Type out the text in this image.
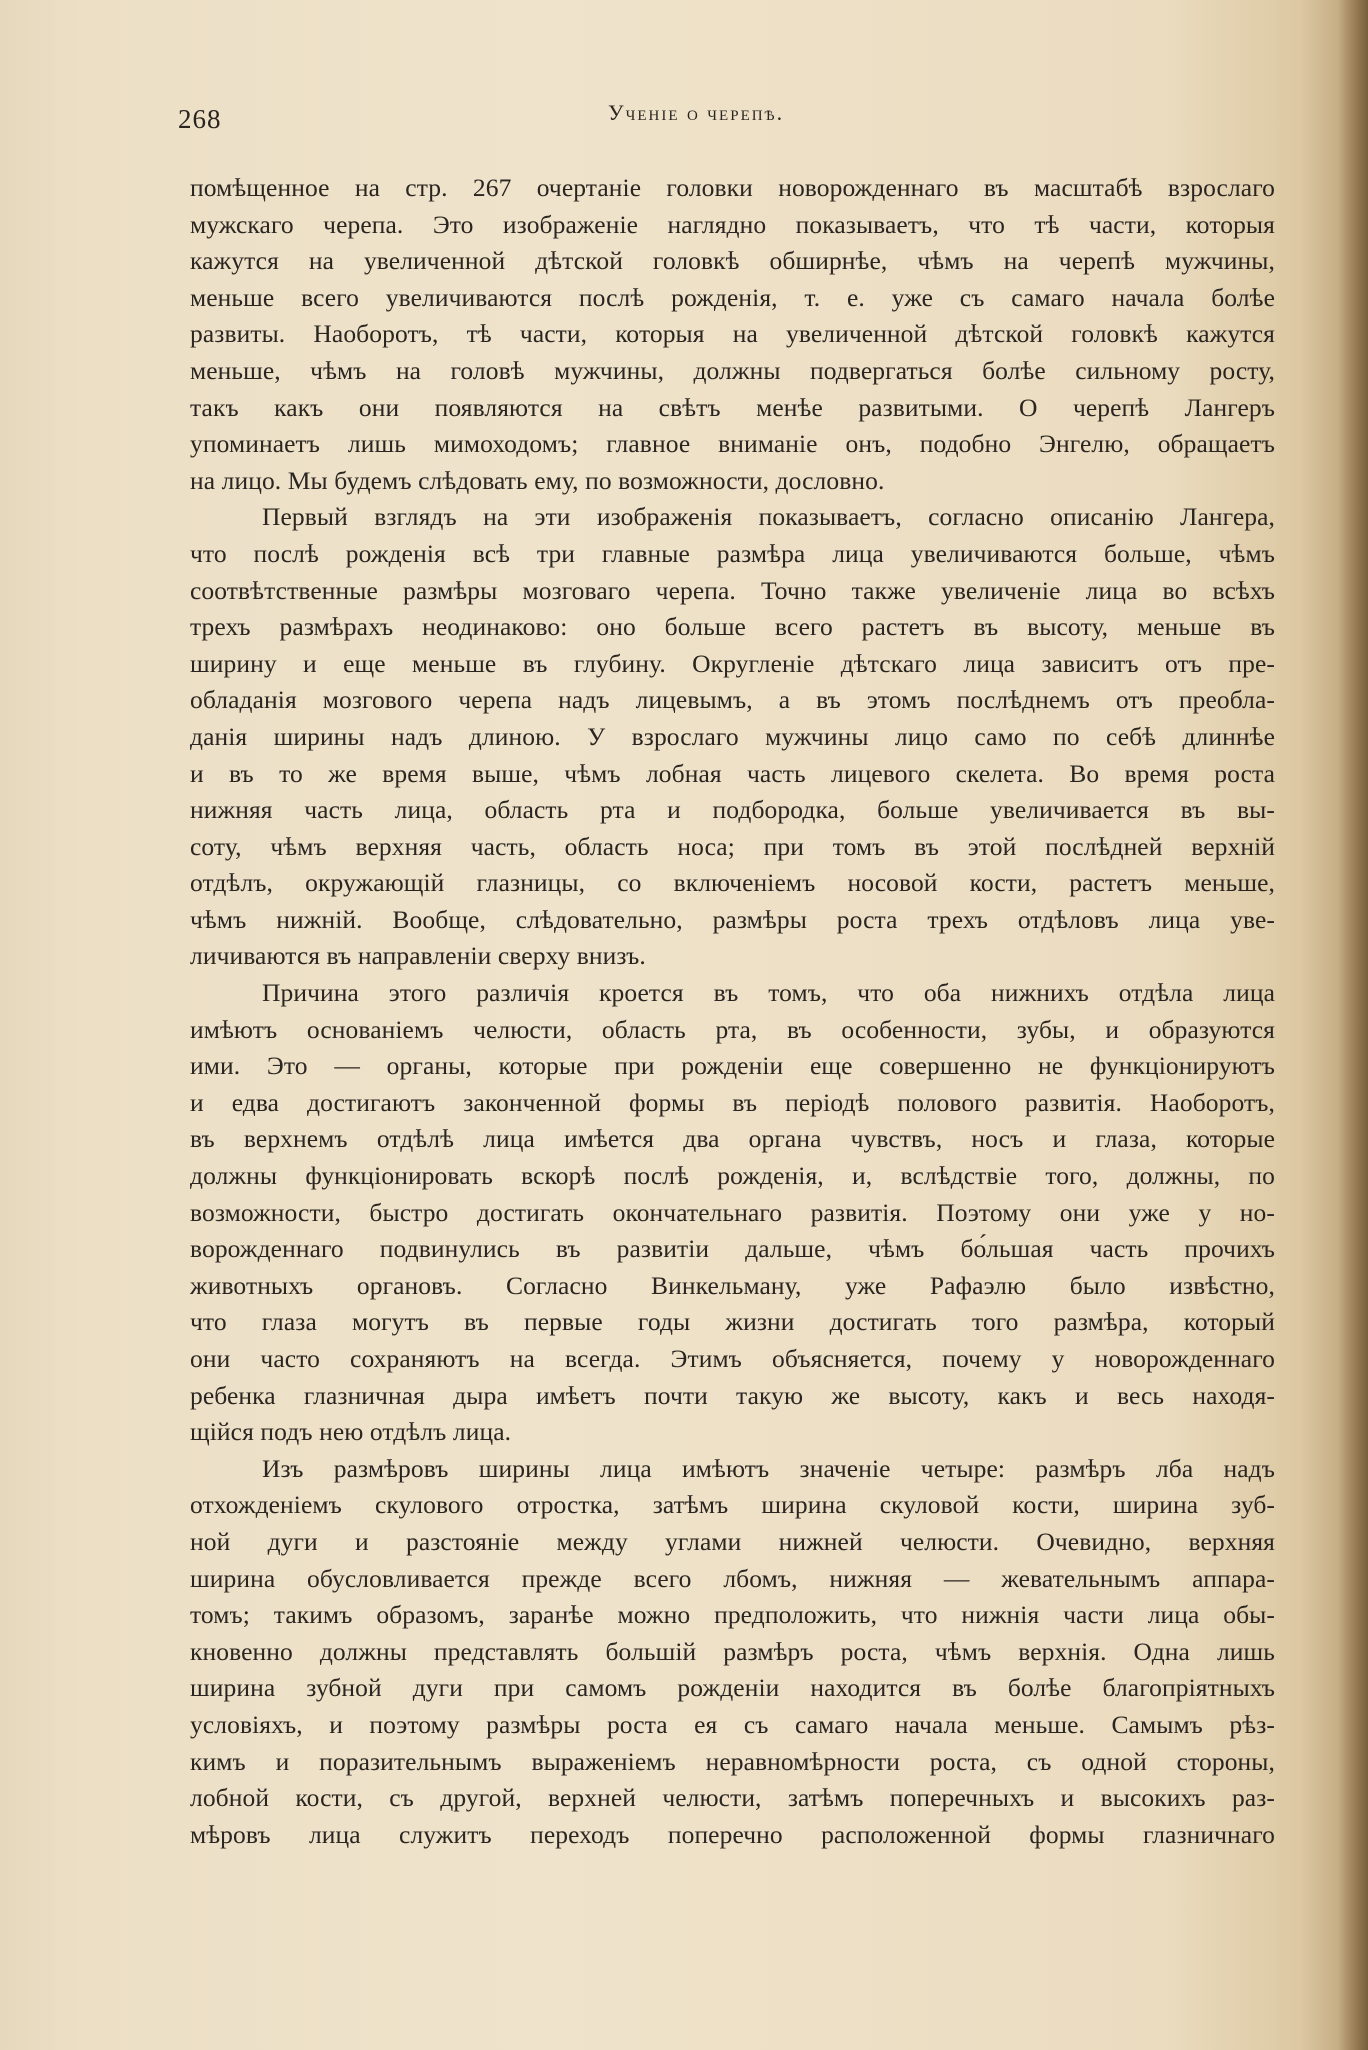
268	Ученіе о черепѣ.
помѣщенное на стр. 267 очертаніе головки новорожденнаго въ масштабѣ взрослаго
мужскаго черепа. Это изображеніе наглядно показываетъ, что тѣ части, которыя
кажутся на увеличенной дѣтской головкѣ обширнѣе, чѣмъ на черепѣ мужчины,
меньше всего увеличиваются послѣ рожденія, т. е. уже съ самаго начала болѣе
развиты. Наоборотъ, тѣ части, которыя на увеличенной дѣтской головкѣ кажутся
меньше, чѣмъ на головѣ мужчины, должны подвергаться болѣе сильному росту,
такъ какъ они появляются на свѣтъ менѣе развитыми. О черепѣ Лангеръ
упоминаетъ лишь мимоходомъ; главное вниманіе онъ, подобно Энгелю, обращаетъ
на лицо. Мы будемъ слѣдовать ему, по возможности, дословно.
Первый взглядъ на эти изображенія показываетъ, согласно описанію Лангера,
что послѣ рожденія всѣ три главные размѣра лица увеличиваются больше, чѣмъ
соотвѣтственные размѣры мозговаго черепа. Точно также увеличеніе лица во всѣхъ
трехъ размѣрахъ неодинаково: оно больше всего растетъ въ высоту, меньше въ
ширину и еще меньше въ глубину. Округленіе дѣтскаго лица зависитъ отъ пре-
обладанія мозгового черепа надъ лицевымъ, а въ этомъ послѣднемъ отъ преобла-
данія ширины надъ длиною. У взрослаго мужчины лицо само по себѣ длиннѣе
и въ то же время выше, чѣмъ лобная часть лицевого скелета. Во время роста
нижняя часть лица, область рта и подбородка, больше увеличивается въ вы-
соту, чѣмъ верхняя часть, область носа; при томъ въ этой послѣдней верхній
отдѣлъ, окружающій глазницы, со включеніемъ носовой кости, растетъ меньше,
чѣмъ нижній. Вообще, слѣдовательно, размѣры роста трехъ отдѣловъ лица уве-
личиваются въ направленіи сверху внизъ.
Причина этого различія кроется въ томъ, что оба нижнихъ отдѣла лица
имѣютъ основаніемъ челюсти, область рта, въ особенности, зубы, и образуются
ими. Это — органы, которые при рожденіи еще совершенно не функціонируютъ
и едва достигаютъ законченной формы въ періодѣ полового развитія. Наоборотъ,
въ верхнемъ отдѣлѣ лица имѣется два органа чувствъ, носъ и глаза, которые
должны функціонировать вскорѣ послѣ рожденія, и, вслѣдствіе того, должны, по
возможности, быстро достигать окончательнаго развитія. Поэтому они уже у но-
ворожденнаго подвинулись въ развитіи дальше, чѣмъ бо́льшая часть прочихъ
животныхъ органовъ. Согласно Винкельману, уже Рафаэлю было извѣстно,
что глаза могутъ въ первые годы жизни достигать того размѣра, который
они часто сохраняютъ на всегда. Этимъ объясняется, почему у новорожденнаго
ребенка глазничная дыра имѣетъ почти такую же высоту, какъ и весь находя-
щійся подъ нею отдѣлъ лица.
Изъ размѣровъ ширины лица имѣютъ значеніе четыре: размѣръ лба надъ
отхожденіемъ скулового отростка, затѣмъ ширина скуловой кости, ширина зуб-
ной дуги и разстояніе между углами нижней челюсти. Очевидно, верхняя
ширина обусловливается прежде всего лбомъ, нижняя — жевательнымъ аппара-
томъ; такимъ образомъ, заранѣе можно предположить, что нижнія части лица обы-
кновенно должны представлять большій размѣръ роста, чѣмъ верхнія. Одна лишь
ширина зубной дуги при самомъ рожденіи находится въ болѣе благопріятныхъ
условіяхъ, и поэтому размѣры роста ея съ самаго начала меньше. Самымъ рѣз-
кимъ и поразительнымъ выраженіемъ неравномѣрности роста, съ одной стороны,
лобной кости, съ другой, верхней челюсти, затѣмъ поперечныхъ и высокихъ раз-
мѣровъ лица служитъ переходъ поперечно расположенной формы глазничнаго
